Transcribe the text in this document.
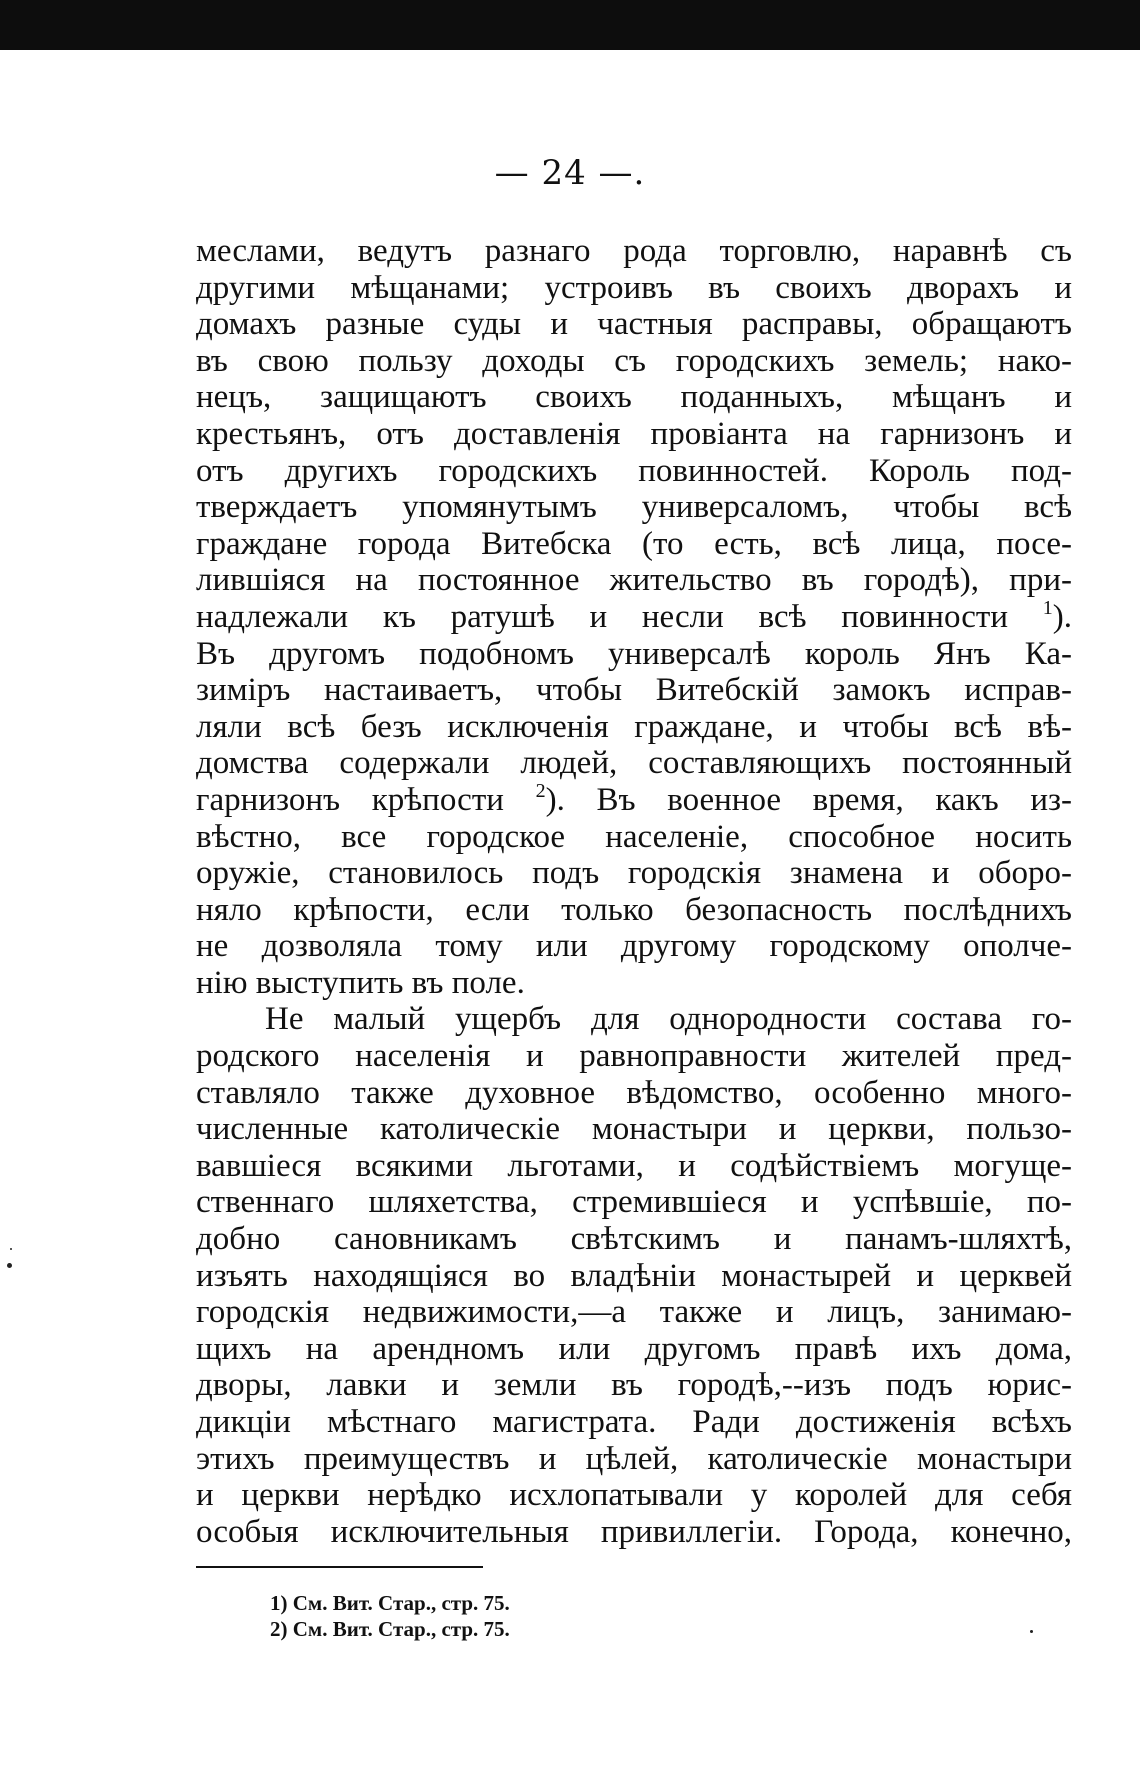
— 24 —.
меслами, ведутъ разнаго рода торговлю, наравнѣ съ
другими мѣщанами; устроивъ въ своихъ дворахъ и
домахъ разные суды и частныя расправы, обращаютъ
въ свою пользу доходы съ городскихъ земель; нако-
нецъ, защищаютъ своихъ поданныхъ, мѣщанъ и
крестьянъ, отъ доставленія провіанта на гарнизонъ и
отъ другихъ городскихъ повинностей. Король под-
тверждаетъ упомянутымъ универсаломъ, чтобы всѣ
граждане города Витебска (то есть, всѣ лица, посе-
лившіяся на постоянное жительство въ городѣ), при-
надлежали къ ратушѣ и несли всѣ повинности $^1$).
Въ другомъ подобномъ универсалѣ король Янъ Ка-
зиміръ настаиваетъ, чтобы Витебскій замокъ исправ-
ляли всѣ безъ исключенія граждане, и чтобы всѣ вѣ-
домства содержали людей, составляющихъ постоянный
гарнизонъ крѣпости $^2$). Въ военное время, какъ из-
вѣстно, все городское населеніе, способное носить
оружіе, становилось подъ городскія знамена и оборо-
няло крѣпости, если только безопасность послѣднихъ
не дозволяла тому или другому городскому ополче-
нію выступить въ поле.
Не малый ущербъ для однородности состава го-
родского населенія и равноправности жителей пред-
ставляло также духовное вѣдомство, особенно много-
численные католическіе монастыри и церкви, пользо-
вавшіеся всякими льготами, и содѣйствіемъ могуще-
ственнаго шляхетства, стремившіеся и успѣвшіе, по-
добно сановникамъ свѣтскимъ и панамъ-шляхтѣ,
изъять находящіяся во владѣніи монастырей и церквей
городскія недвижимости,—а также и лицъ, занимаю-
щихъ на арендномъ или другомъ правѣ ихъ дома,
дворы, лавки и земли въ городѣ,--изъ подъ юрис-
дикціи мѣстнаго магистрата. Ради достиженія всѣхъ
этихъ преимуществъ и цѣлей, католическіе монастыри
и церкви нерѣдко исхлопатывали у королей для себя
особыя исключительныя привиллегіи. Города, конечно,
1) См. Вит. Стар., стр. 75.
2) См. Вит. Стар., стр. 75.
